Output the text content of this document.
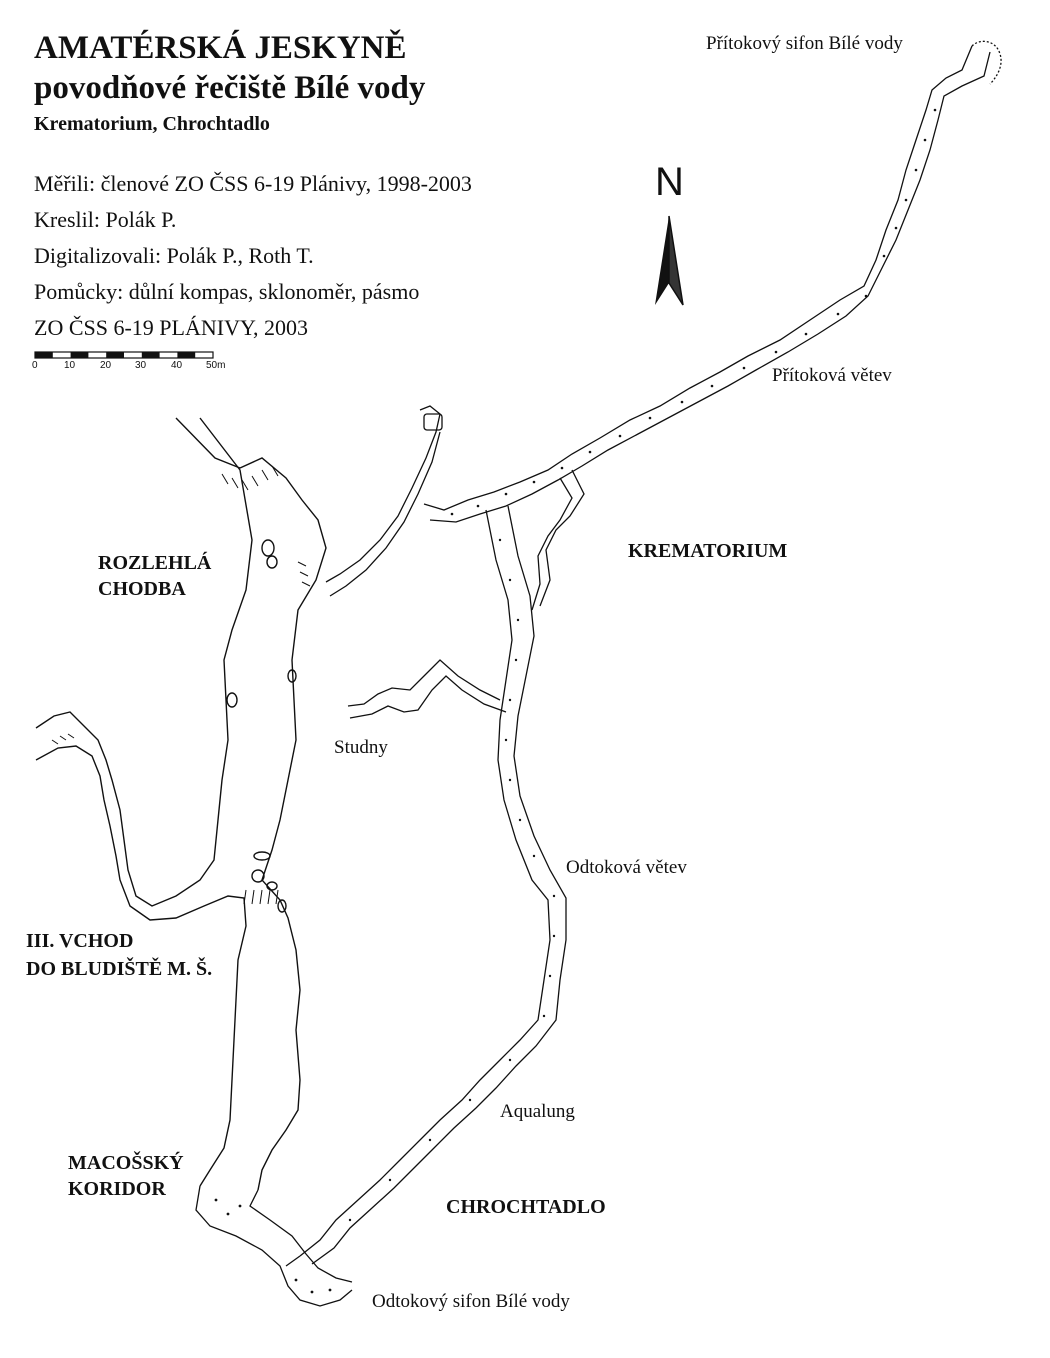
AMATÉRSKÁ JESKYNĚ
povodňové řečiště Bílé vody
Krematorium, Chrochtadlo
Měřili: členové ZO ČSS 6-19 Plánivy, 1998-2003
Kreslil: Polák P.
Digitalizovali: Polák P., Roth T.
Pomůcky: důlní kompas, sklonoměr, pásmo
ZO ČSS 6-19 PLÁNIVY, 2003
N
0	10 20 30 40 50m
Přítokový sifon Bílé vody
Přítoková větev
KREMATORIUM
ROZLEHLÁ
CHODBA
Studny
Odtoková větev
III. VCHOD
DO BLUDIŠTĚ M. Š.
Aqualung
MACOŠSKÝ
KORIDOR
CHROCHTADLO
Odtokový sifon Bílé vody
